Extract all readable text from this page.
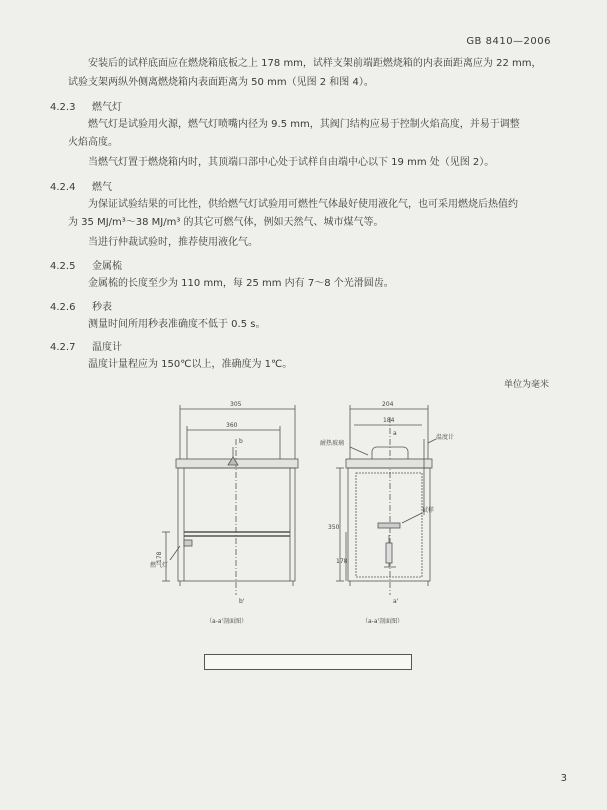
GB 8410—2006
安装后的试样底面应在燃烧箱底板之上 178 mm，试样支架前端距燃烧箱的内表面距离应为 22 mm，
试验支架两纵外侧离燃烧箱内表面距离为 50 mm（见图 2 和图 4）。
4.2.3 燃气灯
燃气灯是试验用火源，燃气灯喷嘴内径为 9.5 mm，其阀门结构应易于控制火焰高度，并易于调整
火焰高度。
当燃气灯置于燃烧箱内时，其顶端口部中心处于试样自由端中心以下 19 mm 处（见图 2）。
4.2.4 燃气
为保证试验结果的可比性，供给燃气灯试验用可燃性气体最好使用液化气，也可采用燃烧后热值约
为 35 MJ/m³～38 MJ/m³ 的其它可燃气体，例如天然气、城市煤气等。
当进行仲裁试验时，推荐使用液化气。
4.2.5 金属梳
金属梳的长度至少为 110 mm，每 25 mm 内有 7～8 个光滑圆齿。
4.2.6 秒表
测量时间所用秒表准确度不低于 0.5 s。
4.2.7 温度计
温度计量程应为 150℃以上，准确度为 1℃。
单位为毫米
305
360
b
b'
178
燃气灯
（a-a'剖面图）
204
184
a
a'
耐热玻璃
温度计
试样
350
178
（a-a'剖面图）
3
